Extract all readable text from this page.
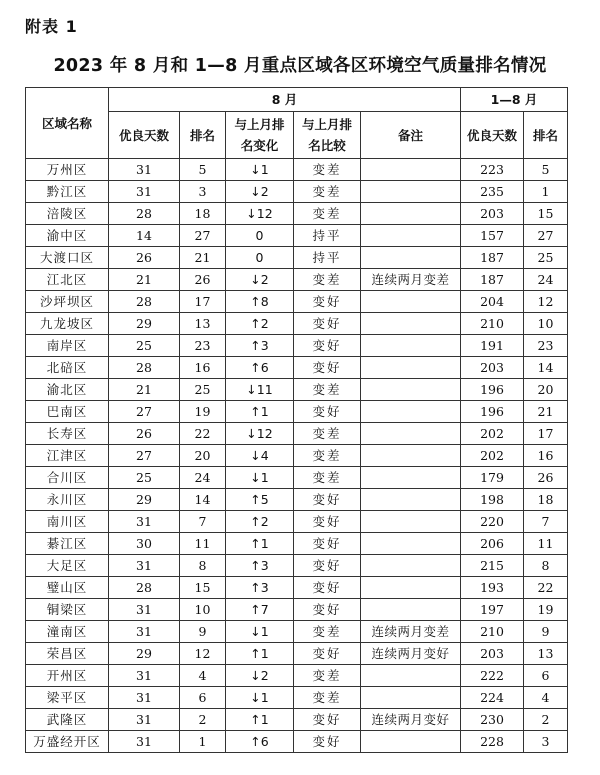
附表 1
2023 年 8 月和 1—8 月重点区域各区环境空气质量排名情况
区域名称	8 月					1—8 月	
	优良天数	排名	与上月排名变化	与上月排名比较	备注	优良天数	排名
万州区	31	5	↓1	变差		223	5
黔江区	31	3	↓2	变差		235	1
涪陵区	28	18	↓12	变差		203	15
渝中区	14	27	0	持平		157	27
大渡口区	26	21	0	持平		187	25
江北区	21	26	↓2	变差	连续两月变差	187	24
沙坪坝区	28	17	↑8	变好		204	12
九龙坡区	29	13	↑2	变好		210	10
南岸区	25	23	↑3	变好		191	23
北碚区	28	16	↑6	变好		203	14
渝北区	21	25	↓11	变差		196	20
巴南区	27	19	↑1	变好		196	21
长寿区	26	22	↓12	变差		202	17
江津区	27	20	↓4	变差		202	16
合川区	25	24	↓1	变差		179	26
永川区	29	14	↑5	变好		198	18
南川区	31	7	↑2	变好		220	7
綦江区	30	11	↑1	变好		206	11
大足区	31	8	↑3	变好		215	8
璧山区	28	15	↑3	变好		193	22
铜梁区	31	10	↑7	变好		197	19
潼南区	31	9	↓1	变差	连续两月变差	210	9
荣昌区	29	12	↑1	变好	连续两月变好	203	13
开州区	31	4	↓2	变差		222	6
梁平区	31	6	↓1	变差		224	4
武隆区	31	2	↑1	变好	连续两月变好	230	2
万盛经开区	31	1	↑6	变好		228	3
